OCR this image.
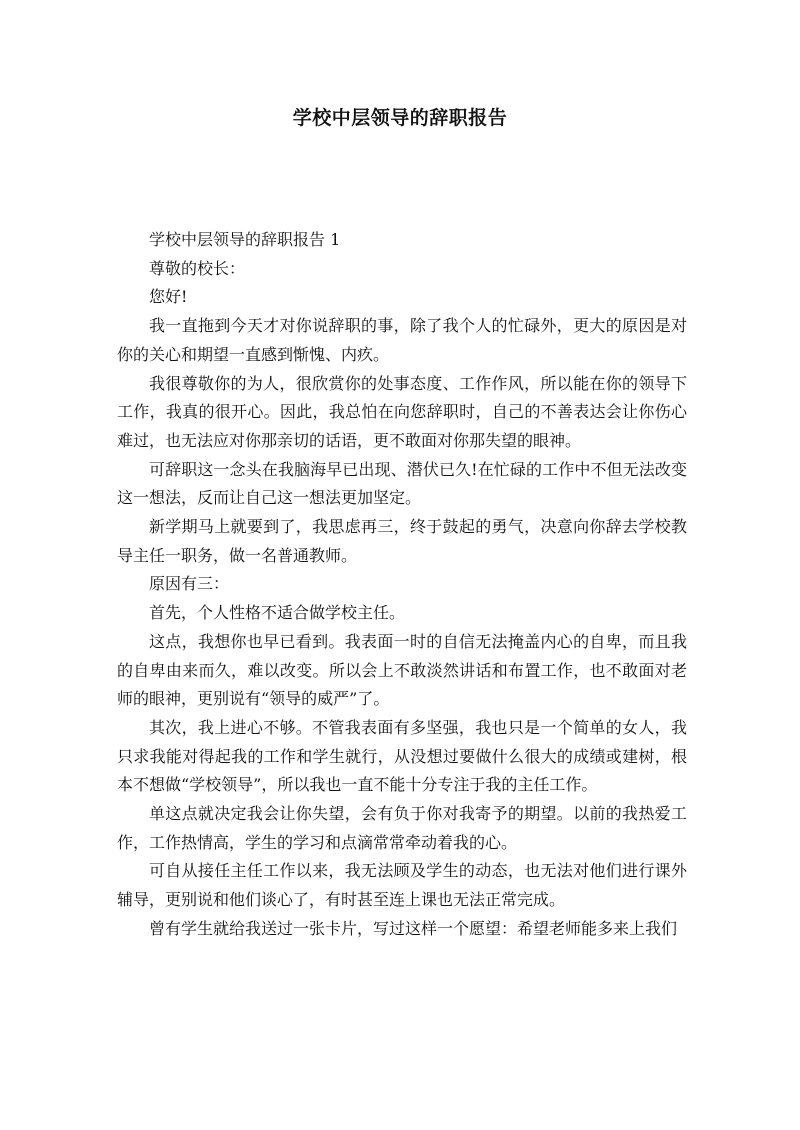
学校中层领导的辞职报告

学校中层领导的辞职报告 1

尊敬的校长：

您好!

我一直拖到今天才对你说辞职的事，除了我个人的忙碌外，更大的原因是对你的关心和期望一直感到惭愧、内疚。

我很尊敬你的为人，很欣赏你的处事态度、工作作风，所以能在你的领导下工作，我真的很开心。因此，我总怕在向您辞职时，自己的不善表达会让你伤心难过，也无法应对你那亲切的话语，更不敢面对你那失望的眼神。

可辞职这一念头在我脑海早已出现、潜伏已久!在忙碌的工作中不但无法改变这一想法，反而让自己这一想法更加坚定。

新学期马上就要到了，我思虑再三，终于鼓起的勇气，决意向你辞去学校教导主任一职务，做一名普通教师。

原因有三：

首先，个人性格不适合做学校主任。

这点，我想你也早已看到。我表面一时的自信无法掩盖内心的自卑，而且我的自卑由来而久，难以改变。所以会上不敢淡然讲话和布置工作，也不敢面对老师的眼神，更别说有“领导的威严”了。

其次，我上进心不够。不管我表面有多坚强，我也只是一个简单的女人，我只求我能对得起我的工作和学生就行，从没想过要做什么很大的成绩或建树，根本不想做“学校领导”，所以我也一直不能十分专注于我的主任工作。

单这点就决定我会让你失望，会有负于你对我寄予的期望。以前的我热爱工作，工作热情高，学生的学习和点滴常常牵动着我的心。

可自从接任主任工作以来，我无法顾及学生的动态，也无法对他们进行课外辅导，更别说和他们谈心了，有时甚至连上课也无法正常完成。

曾有学生就给我送过一张卡片，写过这样一个愿望：希望老师能多来上我们
